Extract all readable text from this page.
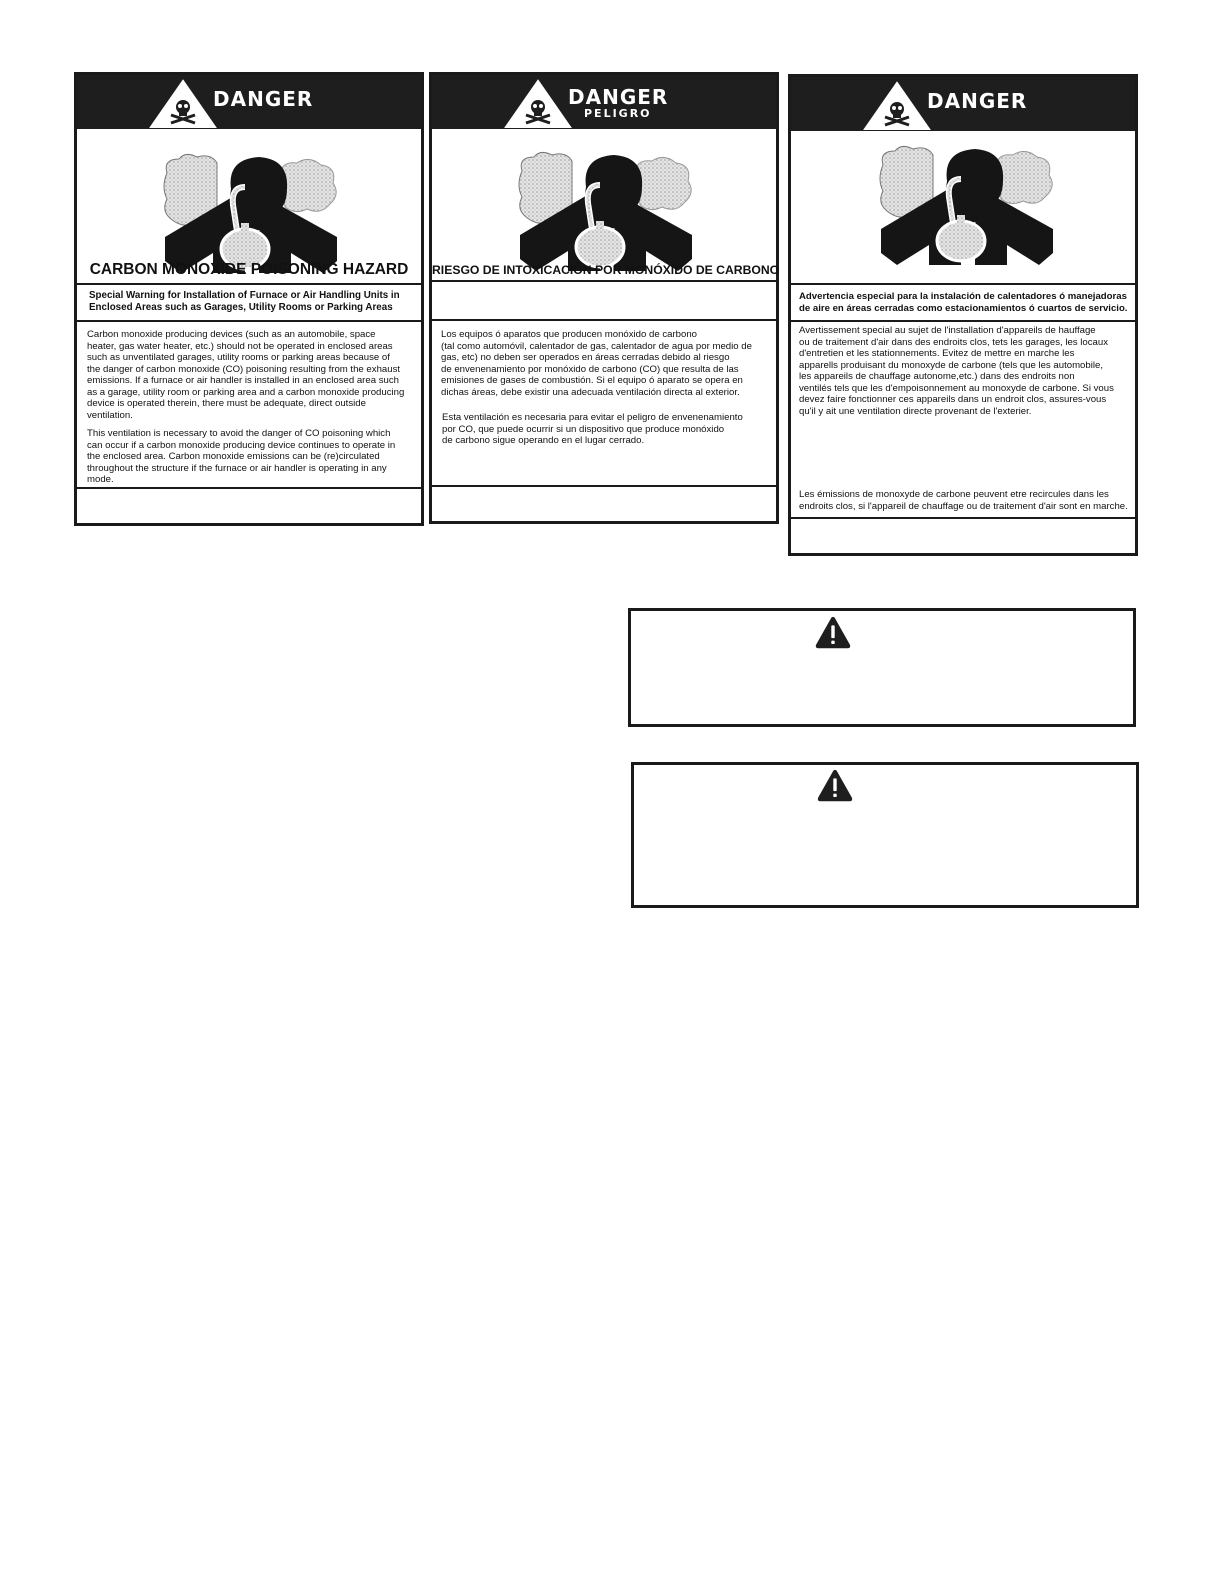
DANGER
CARBON MONOXIDE POISONING HAZARD

Special Warning for Installation of Furnace or Air Handling Units in

Enclosed Areas such as Garages, Utility Rooms or Parking Areas

Carbon monoxide producing devices (such as an automobile, space

heater, gas water heater, etc.) should not be operated in enclosed areas

such as unventilated garages, utility rooms or parking areas because of

the danger of carbon monoxide (CO) poisoning resulting from the exhaust

emissions. If a furnace or air handler is installed in an enclosed area such

as a garage, utility room or parking area and a carbon monoxide producing

device is operated therein, there must be adequate, direct outside

ventilation.

This ventilation is necessary to avoid the danger of CO poisoning which

can occur if a carbon monoxide producing device continues to operate in

the enclosed area. Carbon monoxide emissions can be (re)circulated

throughout the structure if the furnace or air handler is operating in any

mode.

DANGER
PELIGRO
RIESGO DE INTOXICACIÓN POR MONÓXIDO DE CARBONO

Los equipos ó aparatos que producen monóxido de carbono

(tal como automóvil, calentador de gas, calentador de agua por medio de

gas, etc) no deben ser operados en áreas cerradas debido al riesgo

de envenenamiento por monóxido de carbono (CO) que resulta de las

emisiones de gases de combustión. Si el equipo ó aparato se opera en

dichas áreas, debe existir una adecuada ventilación directa al exterior.

Esta ventilación es necesaria para evitar el peligro de envenenamiento

por CO, que puede ocurrir si un dispositivo que produce monóxido

de carbono sigue operando en el lugar cerrado.

DANGER

Advertencia especial para la instalación de calentadores ó manejadoras

de aire en áreas cerradas como estacionamientos ó cuartos de servicio.

Avertissement special au sujet de l'installation d'appareils de hauffage

ou de traitement d'air dans des endroits clos, tets les garages, les locaux

d'entretien et les stationnements. Evitez de mettre en marche les

apparells produisant du monoxyde de carbone (tels que les automobile,

les appareils de chauffage autonome,etc.) dans des endroits non

ventilés tels que les d'empoisonnement au monoxyde de carbone. Si vous

devez faire fonctionner ces appareils dans un endroit clos, assures-vous

qu'il y ait une ventilation directe provenant de l'exterier.

Les émissions de monoxyde de carbone peuvent etre recircules dans les

endroits clos, si l'appareil de chauffage ou de traitement d'air sont en marche.
